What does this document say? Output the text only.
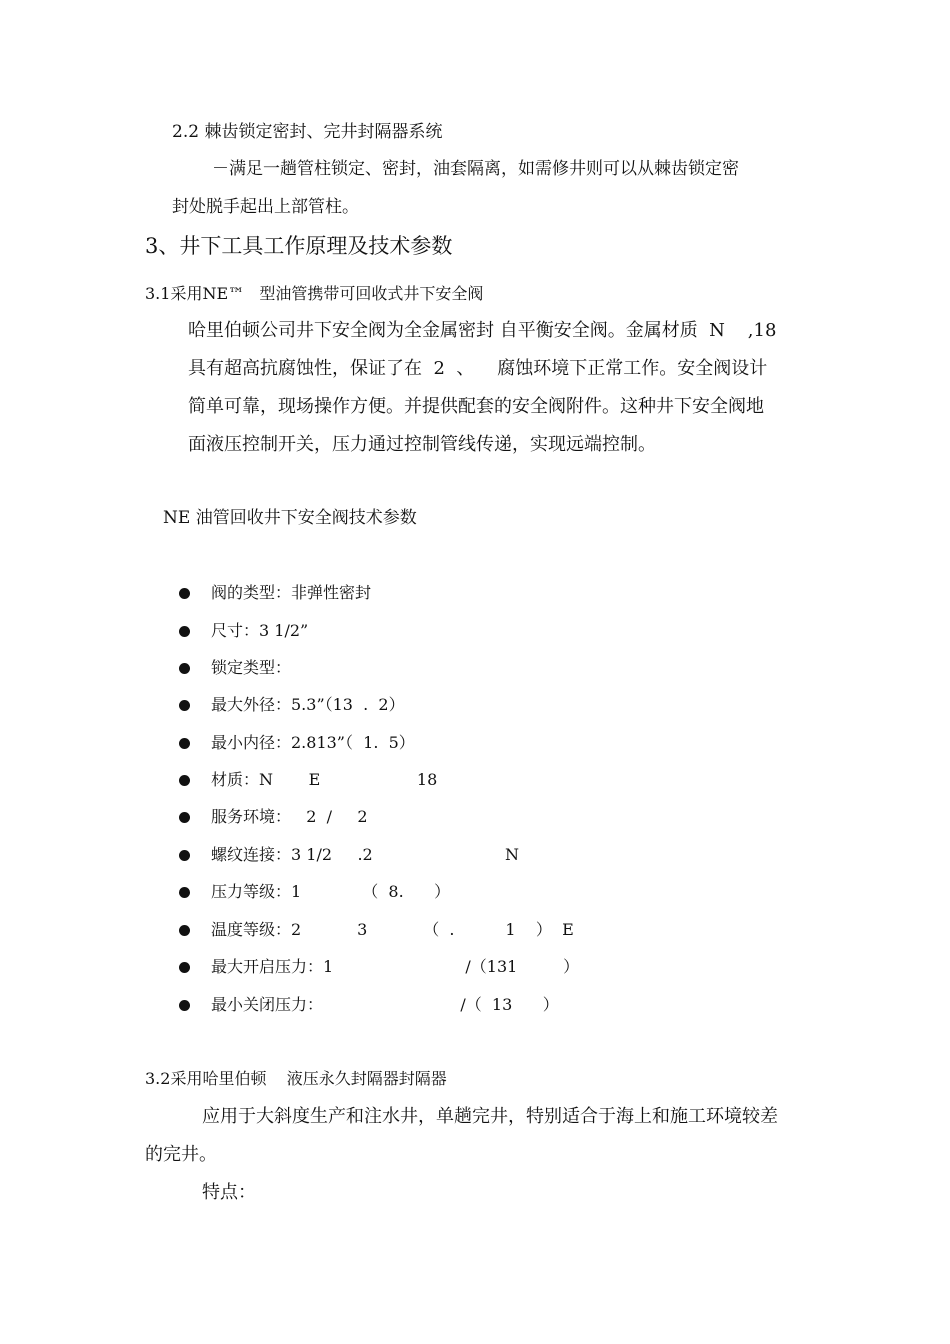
2.2 棘齿锁定密封、完井封隔器系统
－满足一趟管柱锁定、密封，油套隔离，如需修井则可以从棘齿锁定密
封处脱手起出上部管柱。
3、井下工具工作原理及技术参数
3.1采用NE™   型油管携带可回收式井下安全阀
哈里伯顿公司井下安全阀为全金属密封 自平衡安全阀。金属材质  N    ,18
具有超高抗腐蚀性，保证了在  2  、    腐蚀环境下正常工作。安全阀设计
简单可靠，现场操作方便。并提供配套的安全阀附件。这种井下安全阀地
面液压控制开关，压力通过控制管线传递，实现远端控制。
NE 油管回收井下安全阀技术参数
阀的类型：非弹性密封
尺寸：3 1/2”
锁定类型：
最大外径：5.3”（13  .  2）
最小内径：2.813”（  1.  5）
材质：N       E                   18
服务环境：   2  /     2
螺纹连接：3 1/2     .2                          N
压力等级：1            （  8.      ）
温度等级：2           3           （  .          1    ）  E
最大开启压力：1                          /（131         ）
最小关闭压力：                           /（  13      ）
3.2采用哈里伯顿    液压永久封隔器封隔器
应用于大斜度生产和注水井，单趟完井，特别适合于海上和施工环境较差
的完井。
特点：
